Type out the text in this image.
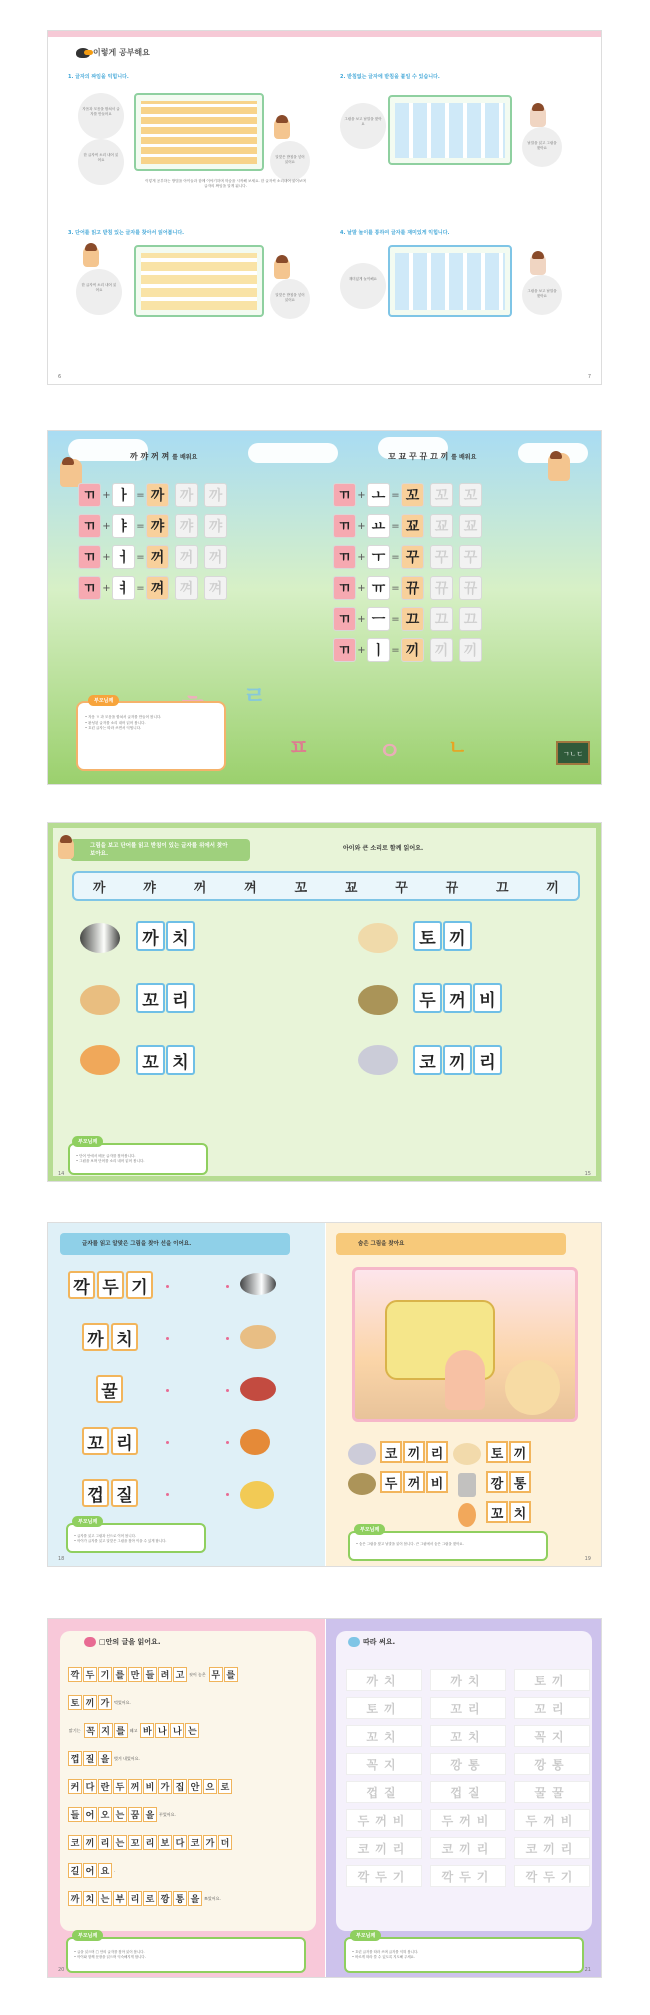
이렇게 공부해요
1. 글자의 짜임을 익힙니다.	2. 받침없는 글자에 받침을 붙일 수 있습니다.
3. 단어를 읽고 받침 있는 글자를 찾아서 읽어봅니다.	4. 낱말 놀이를 통하여 글자를 재미있게 익힙니다.
자음과 모음을 합쳐서 글자를 만들어요
한 글자씩 소리 내어 읽어요
알맞은 받침을 넣어 읽어요
이렇게 공부하는 방법을 아이들과 함께 이야기하며 학습을 시작해 보세요. 한 글자씩 소리내어 읽어보며 글자의 짜임을 알게 됩니다.
그림을 보고 낱말을 찾아요
낱말을 읽고 그림을 찾아요
한 글자씩 소리 내어 읽어요
알맞은 받침을 넣어 읽어요
재미있게 놀이해요
그림을 보고 낱말을 찾아요
6	7
까 꺄 꺼 껴 를 배워요	꼬 꾜 꾸 뀨 끄 끼 를 배워요
ㄲ + ㅏ = 까	까	까
ㄲ + ㅑ = 꺄	꺄	꺄
ㄲ + ㅓ = 꺼	꺼	꺼
ㄲ + ㅕ = 껴	껴	껴
ㄲ + ㅗ = 꼬	꼬	꼬
ㄲ + ㅛ = 꾜	꾜	꾜
ㄲ + ㅜ = 꾸	꾸	꾸
ㄲ + ㅠ = 뀨	뀨	뀨
ㄲ + ㅡ = 끄	끄	끄
ㄲ + ㅣ = 끼	끼	끼
ㄹ
ㅍ	ㅇ ㄴ	ㄱㄴㄷ
• 자음 ㄲ 과 모음을 합쳐서 글자를 만들어 봅니다.
• 완성된 글자를 소리 내어 읽어 봅니다.
• 흐린 글자는 따라 쓰면서 익힙니다.
부모님께
그림을 보고 단어를 읽고 받침이 있는 글자를 위에서 찾아보아요.
아이와 큰 소리로 함께 읽어요.
까	꺄	꺼	껴	꼬	꾜	꾸	뀨	끄	끼
까 치
꼬 리
꼬 치
토 끼
두 꺼 비
코 끼 리
• 단어 안에서 배운 글자를 찾아봅니다.
• 그림을 보며 단어를 소리 내어 읽어 봅니다.
부모님께
14	15
글자를 읽고 알맞은 그림을 찾아 선을 이어요.	숨은 그림을 찾아요
깍 두 기
까 치
꿀
꼬 리
껍 질
코 끼 리	토 끼
두 꺼 비	깡 통
꼬 치
• 글자를 읽고 그림과 선으로 이어 봅니다.
• 아이가 글자를 읽고 알맞은 그림을 찾아 이을 수 있게 합니다.
부모님께
• 숨은 그림을 찾고 낱말을 읽어 봅니다. 큰 그림에서 숨은 그림을 찾아요.
부모님께
18	19
□안의 글을 읽어요.	따라 써요.
깍 두 기 를 만 들 려 고	씻어 놓은 무 를
토 끼 가	먹었어요.
맑기는 꼭 지 를	떼고 바 나 나 는
껍 질 을	벗겨 내었어요.
커 다 란 두 꺼 비 가 집 안 으 로
들 어 오 는 꿈 을	꾸었어요.
코 끼 리 는 꼬 리 보 다 코 가 더
길 어 요	.
까 치 는 부 리 로 깡 통 을	쪼았어요.
까치	까치	토끼
토끼	꼬리	꼬리
꼬치	꼬치	꼭지
꼭지	깡통	깡통
껍질	껍질	꿀꿀
두꺼비	두꺼비	두꺼비
코끼리	코끼리	코끼리
깍두기	깍두기	깍두기
• 글을 읽으며 □ 안의 글자를 찾아 읽어 봅니다.
• 아이와 함께 문장을 읽으며 익숙해지게 합니다.
부모님께
• 흐린 글자를 따라 쓰며 글자를 익혀 봅니다.
• 바르게 따라 쓸 수 있도록 지도해 주세요.
부모님께
20	21
